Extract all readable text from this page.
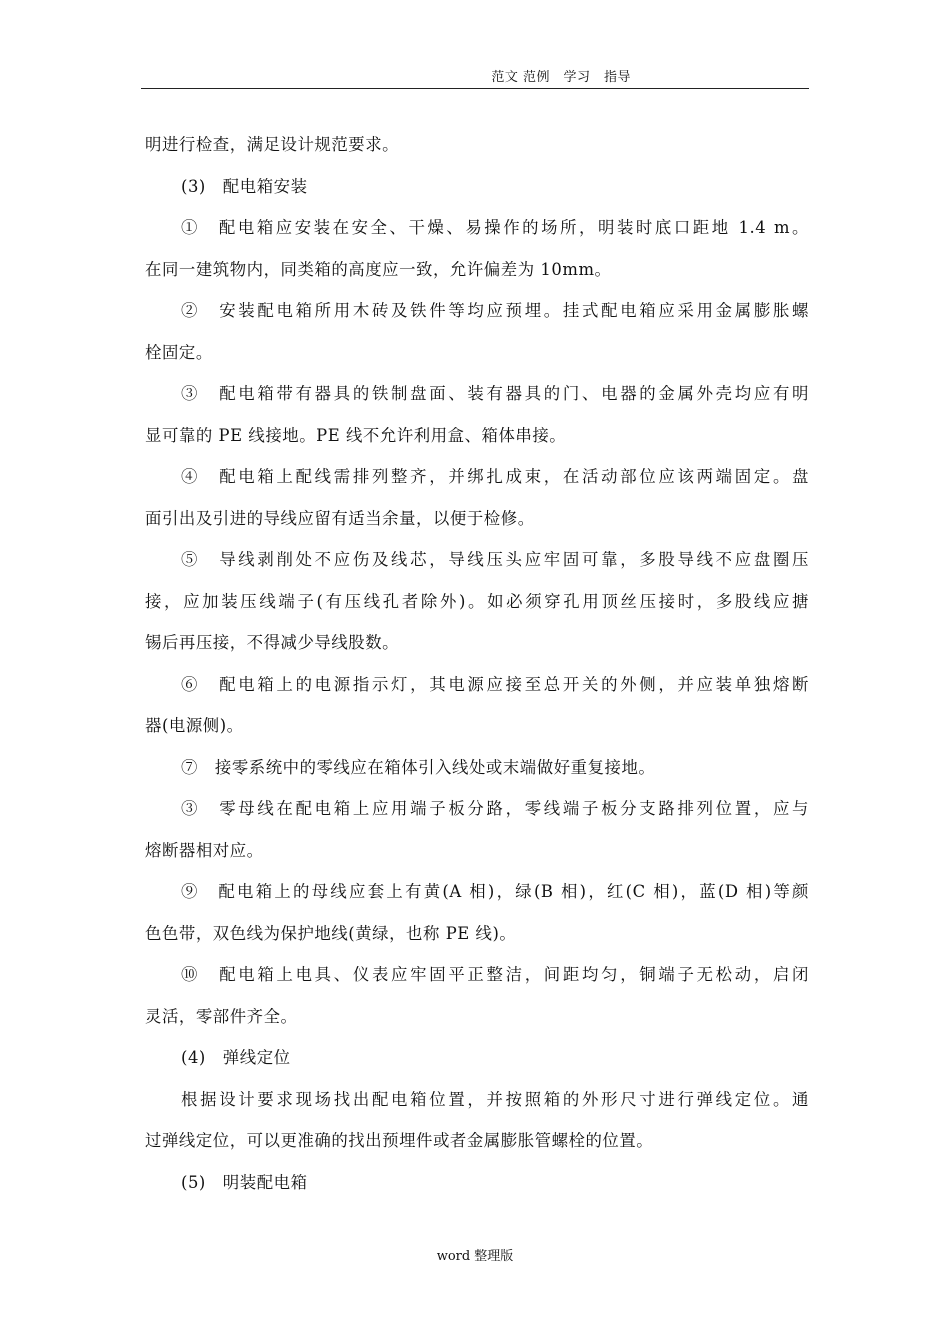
范文 范例　学习　指导
明进行检查，满足设计规范要求。
(3)　配电箱安装
①　配电箱应安装在安全、干燥、易操作的场所，明装时底口距地 1.4 m。
在同一建筑物内，同类箱的高度应一致，允许偏差为 10mm。
②　安装配电箱所用木砖及铁件等均应预埋。挂式配电箱应采用金属膨胀螺
栓固定。
③　配电箱带有器具的铁制盘面、装有器具的门、电器的金属外壳均应有明
显可靠的 PE 线接地。PE 线不允许利用盒、箱体串接。
④　配电箱上配线需排列整齐，并绑扎成束，在活动部位应该两端固定。盘
面引出及引进的导线应留有适当余量，以便于检修。
⑤　导线剥削处不应伤及线芯，导线压头应牢固可靠，多股导线不应盘圈压
接，应加装压线端子(有压线孔者除外)。如必须穿孔用顶丝压接时，多股线应搪
锡后再压接，不得减少导线股数。
⑥　配电箱上的电源指示灯，其电源应接至总开关的外侧，并应装单独熔断
器(电源侧)。
⑦　接零系统中的零线应在箱体引入线处或末端做好重复接地。
③　零母线在配电箱上应用端子板分路，零线端子板分支路排列位置，应与
熔断器相对应。
⑨　配电箱上的母线应套上有黄(A 相)，绿(B 相)，红(C 相)，蓝(D 相)等颜
色色带，双色线为保护地线(黄绿，也称 PE 线)。
⑩　配电箱上电具、仪表应牢固平正整洁，间距均匀，铜端子无松动，启闭
灵活，零部件齐全。
(4)　弹线定位
根据设计要求现场找出配电箱位置，并按照箱的外形尺寸进行弹线定位。通
过弹线定位，可以更准确的找出预埋件或者金属膨胀管螺栓的位置。
(5)　明装配电箱
word 整理版
